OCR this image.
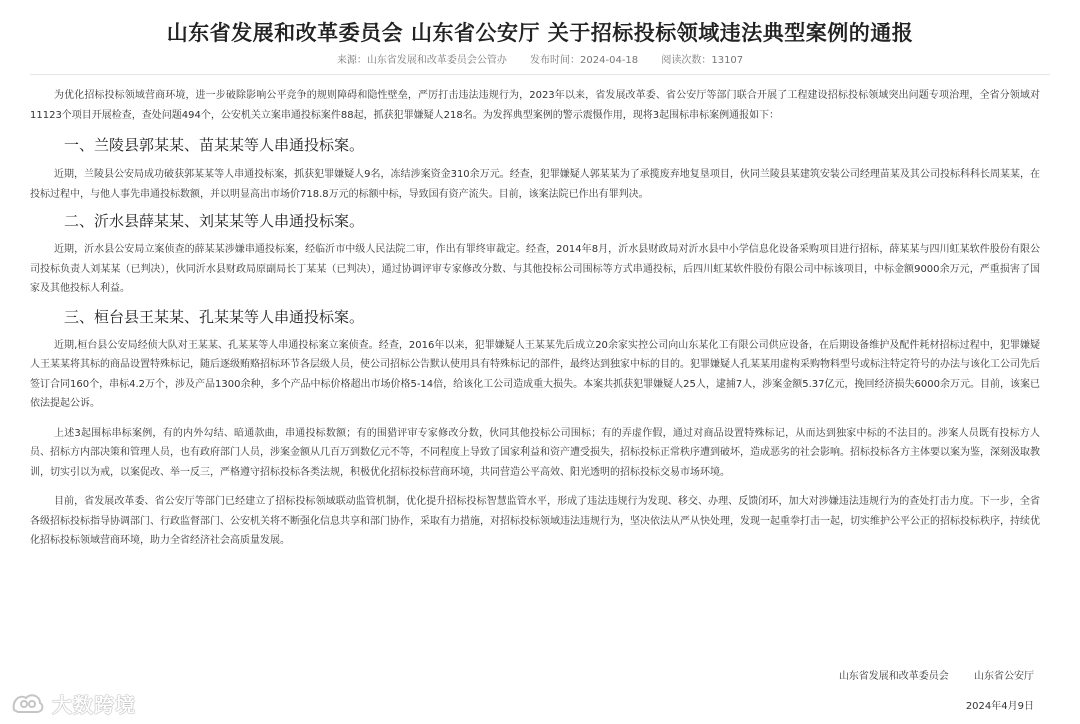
山东省发展和改革委员会 山东省公安厅 关于招标投标领域违法典型案例的通报
来源：山东省发展和改革委员会公管办 发布时间：2024-04-18 阅读次数：13107

为优化招标投标领域营商环境，进一步破除影响公平竞争的规则障碍和隐性壁垒，严厉打击违法违规行为，2023年以来，省发展改革委、省公安厅等部门联合开展了工程建设招标投标领域突出问题专项治理，全省分领域对11123个项目开展检查，查处问题494个，公安机关立案串通投标案件88起，抓获犯罪嫌疑人218名。为发挥典型案例的警示震慑作用，现将3起围标串标案例通报如下：

一、兰陵县郭某某、苗某某等人串通投标案。

近期，兰陵县公安局成功破获郭某某等人串通投标案，抓获犯罪嫌疑人9名，冻结涉案资金310余万元。经查，犯罪嫌疑人郭某某为了承揽废弃地复垦项目，伙同兰陵县某建筑安装公司经理苗某及其公司投标科科长周某某，在投标过程中，与他人事先串通投标数额，并以明显高出市场价718.8万元的标额中标，导致国有资产流失。目前，该案法院已作出有罪判决。

二、沂水县薛某某、刘某某等人串通投标案。

近期，沂水县公安局立案侦查的薛某某涉嫌串通投标案，经临沂市中级人民法院二审，作出有罪终审裁定。经查，2014年8月，沂水县财政局对沂水县中小学信息化设备采购项目进行招标，薛某某与四川虹某软件股份有限公司投标负责人刘某某（已判决），伙同沂水县财政局原副局长丁某某（已判决），通过协调评审专家修改分数、与其他投标公司围标等方式串通投标，后四川虹某软件股份有限公司中标该项目，中标金额9000余万元，严重损害了国家及其他投标人利益。

三、桓台县王某某、孔某某等人串通投标案。

近期,桓台县公安局经侦大队对王某某、孔某某等人串通投标案立案侦查。经查，2016年以来，犯罪嫌疑人王某某先后成立20余家实控公司向山东某化工有限公司供应设备，在后期设备维护及配件耗材招标过程中，犯罪嫌疑人王某某将其标的商品设置特殊标记，随后逐级贿赂招标环节各层级人员，使公司招标公告默认使用具有特殊标记的部件，最终达到独家中标的目的。犯罪嫌疑人孔某某用虚构采购物料型号或标注特定符号的办法与该化工公司先后签订合同160个，串标4.2万个，涉及产品1300余种，多个产品中标价格超出市场价格5-14倍，给该化工公司造成重大损失。本案共抓获犯罪嫌疑人25人，逮捕7人，涉案金额5.37亿元，挽回经济损失6000余万元。目前，该案已依法提起公诉。

上述3起围标串标案例，有的内外勾结、暗通款曲，串通投标数额；有的围猎评审专家修改分数，伙同其他投标公司围标；有的弄虚作假，通过对商品设置特殊标记，从而达到独家中标的不法目的。涉案人员既有投标方人员、招标方内部决策和管理人员，也有政府部门人员，涉案金额从几百万到数亿元不等，不同程度上导致了国家利益和资产遭受损失，招标投标正常秩序遭到破坏，造成恶劣的社会影响。招标投标各方主体要以案为鉴，深刻汲取教训，切实引以为戒，以案促改、举一反三，严格遵守招标投标各类法规，积极优化招标投标营商环境，共同营造公平高效、阳光透明的招标投标交易市场环境。

目前，省发展改革委、省公安厅等部门已经建立了招标投标领域联动监管机制，优化提升招标投标智慧监管水平，形成了违法违规行为发现、移交、办理、反馈闭环，加大对涉嫌违法违规行为的查处打击力度。下一步，全省各级招标投标指导协调部门、行政监督部门、公安机关将不断强化信息共享和部门协作，采取有力措施，对招标投标领域违法违规行为，坚决依法从严从快处理，发现一起重拳打击一起，切实维护公平公正的招标投标秩序，持续优化招标投标领域营商环境，助力全省经济社会高质量发展。

山东省发展和改革委员会	山东省公安厅
2024年4月9日
大数跨境
